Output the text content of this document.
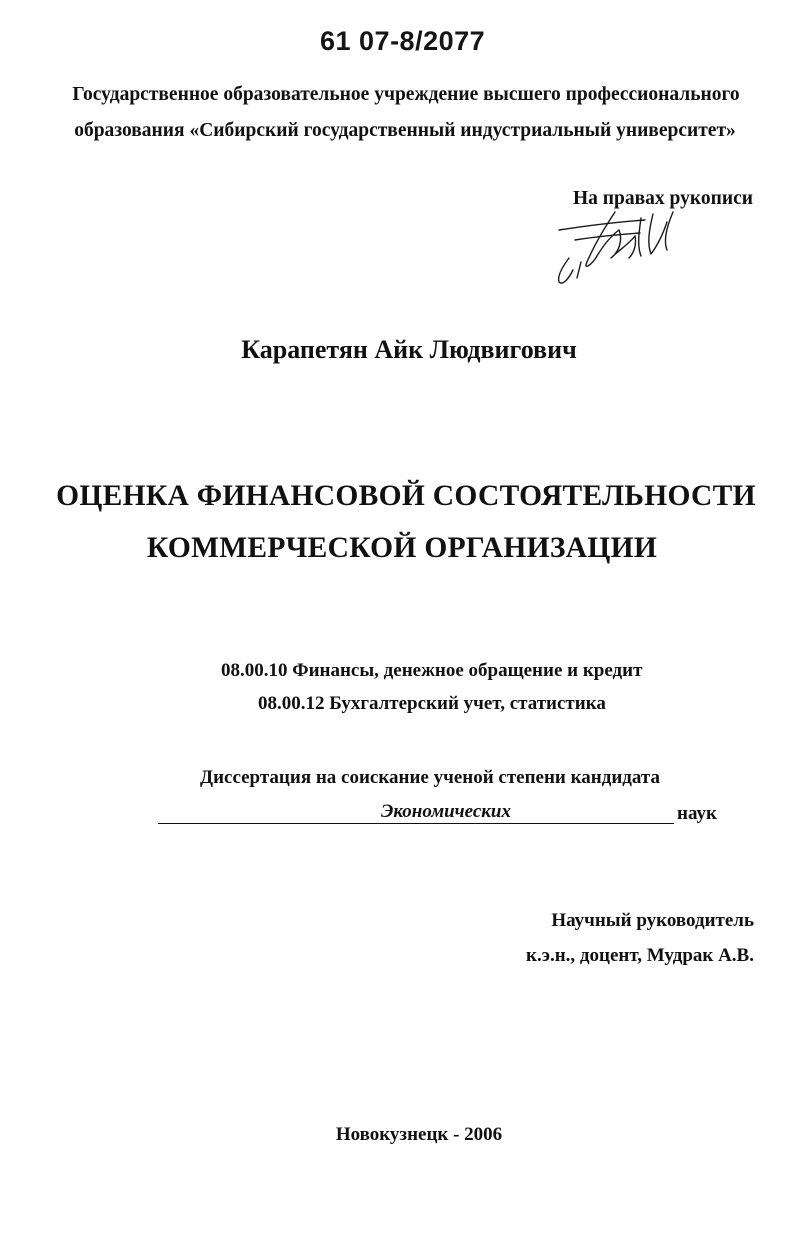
61 07-8/2077
Государственное образовательное учреждение высшего профессионального
образования «Сибирский государственный индустриальный университет»
На правах рукописи
Карапетян Айк Людвигович
ОЦЕНКА ФИНАНСОВОЙ СОСТОЯТЕЛЬНОСТИ
КОММЕРЧЕСКОЙ ОРГАНИЗАЦИИ
08.00.10 Финансы, денежное обращение и кредит
08.00.12 Бухгалтерский учет, статистика
Диссертация на соискание ученой степени кандидата
Экономических	наук
Научный руководитель
к.э.н., доцент, Мудрак А.В.
Новокузнецк - 2006
